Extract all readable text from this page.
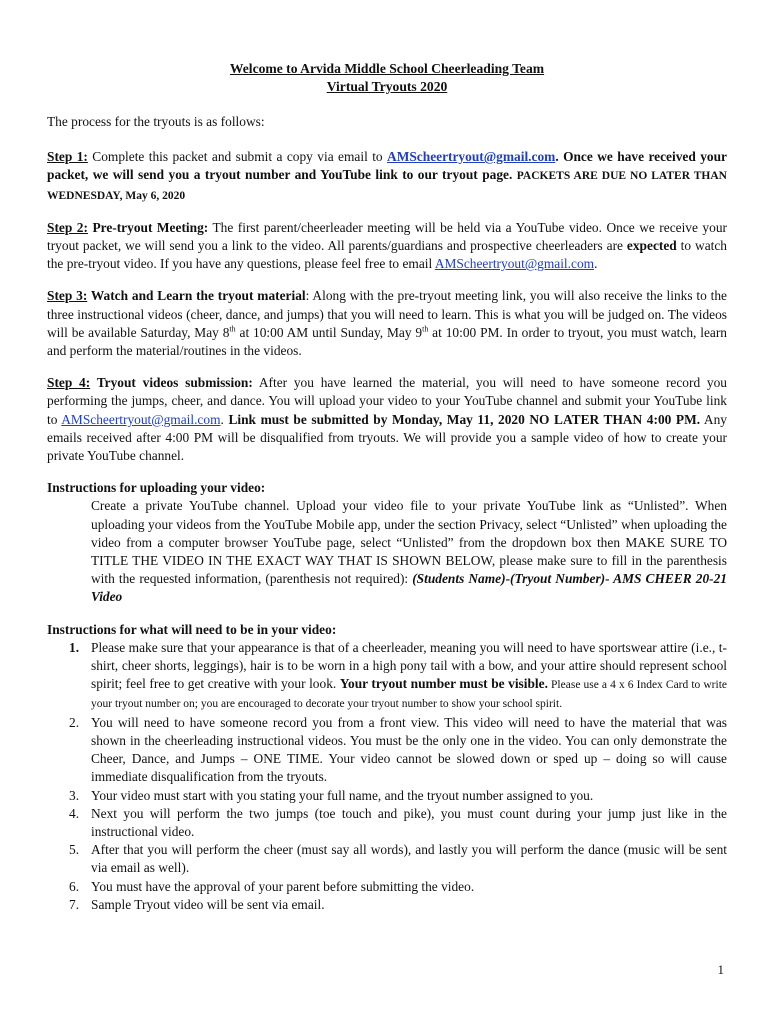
Welcome to Arvida Middle School Cheerleading Team
Virtual Tryouts 2020

The process for the tryouts is as follows:

Step 1: Complete this packet and submit a copy via email to AMScheertryout@gmail.com. Once we have received your packet, we will send you a tryout number and YouTube link to our tryout page. PACKETS ARE DUE NO LATER THAN WEDNESDAY, May 6, 2020

Step 2: Pre-tryout Meeting: The first parent/cheerleader meeting will be held via a YouTube video. Once we receive your tryout packet, we will send you a link to the video. All parents/guardians and prospective cheerleaders are expected to watch the pre-tryout video. If you have any questions, please feel free to email AMScheertryout@gmail.com.

Step 3: Watch and Learn the tryout material: Along with the pre-tryout meeting link, you will also receive the links to the three instructional videos (cheer, dance, and jumps) that you will need to learn. This is what you will be judged on. The videos will be available Saturday, May 8th at 10:00 AM until Sunday, May 9th at 10:00 PM. In order to tryout, you must watch, learn and perform the material/routines in the videos.

Step 4: Tryout videos submission: After you have learned the material, you will need to have someone record you performing the jumps, cheer, and dance. You will upload your video to your YouTube channel and submit your YouTube link to AMScheertryout@gmail.com. Link must be submitted by Monday, May 11, 2020 NO LATER THAN 4:00 PM. Any emails received after 4:00 PM will be disqualified from tryouts. We will provide you a sample video of how to create your private YouTube channel.

Instructions for uploading your video:

Create a private YouTube channel. Upload your video file to your private YouTube link as “Unlisted”. When uploading your videos from the YouTube Mobile app, under the section Privacy, select “Unlisted” when uploading the video from a computer browser YouTube page, select “Unlisted” from the dropdown box then MAKE SURE TO TITLE THE VIDEO IN THE EXACT WAY THAT IS SHOWN BELOW, please make sure to fill in the parenthesis with the requested information, (parenthesis not required): (Students Name)-(Tryout Number)- AMS CHEER 20-21 Video

Instructions for what will need to be in your video:

1. Please make sure that your appearance is that of a cheerleader, meaning you will need to have sportswear attire (i.e., t-shirt, cheer shorts, leggings), hair is to be worn in a high pony tail with a bow, and your attire should represent school spirit; feel free to get creative with your look. Your tryout number must be visible. Please use a 4 x 6 Index Card to write your tryout number on; you are encouraged to decorate your tryout number to show your school spirit.
2. You will need to have someone record you from a front view. This video will need to have the material that was shown in the cheerleading instructional videos. You must be the only one in the video. You can only demonstrate the Cheer, Dance, and Jumps – ONE TIME. Your video cannot be slowed down or sped up – doing so will cause immediate disqualification from the tryouts.
3. Your video must start with you stating your full name, and the tryout number assigned to you.
4. Next you will perform the two jumps (toe touch and pike), you must count during your jump just like in the instructional video.
5. After that you will perform the cheer (must say all words), and lastly you will perform the dance (music will be sent via email as well).
6. You must have the approval of your parent before submitting the video.
7. Sample Tryout video will be sent via email.
1
